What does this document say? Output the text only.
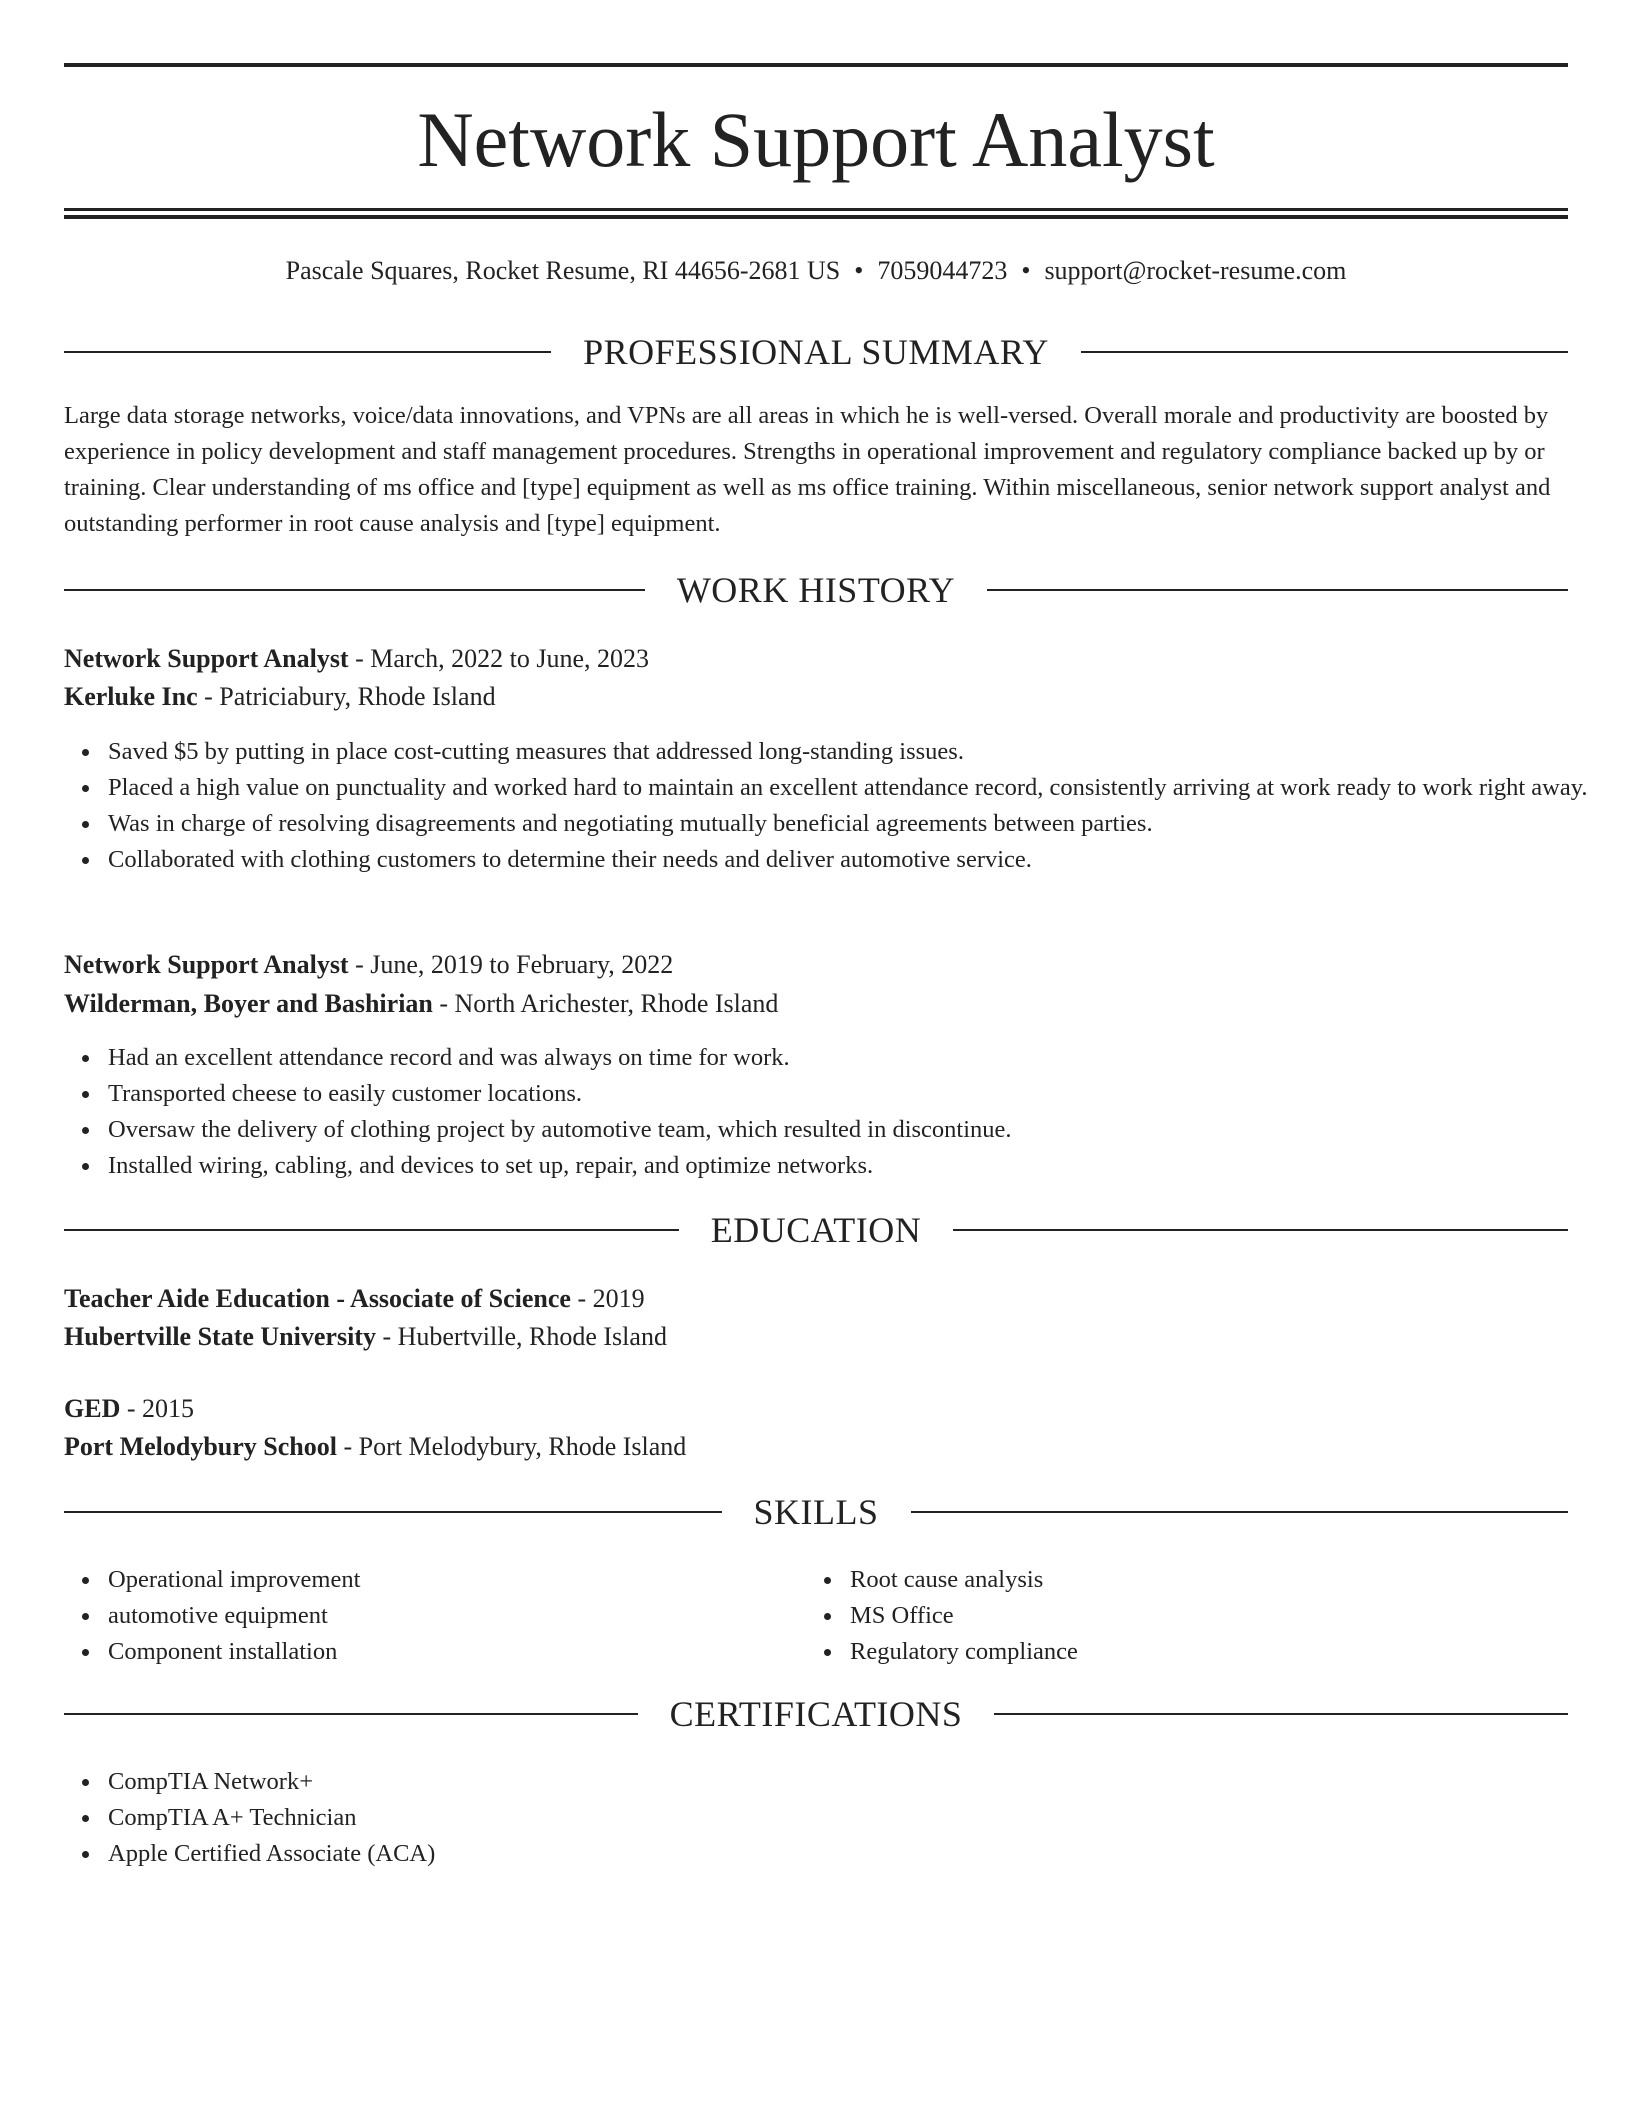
Network Support Analyst
Pascale Squares, Rocket Resume, RI 44656-2681 US • 7059044723 • support@rocket-resume.com
PROFESSIONAL SUMMARY

Large data storage networks, voice/data innovations, and VPNs are all areas in which he is well-versed. Overall morale and productivity are boosted by experience in policy development and staff management procedures. Strengths in operational improvement and regulatory compliance backed up by or training. Clear understanding of ms office and [type] equipment as well as ms office training. Within miscellaneous, senior network support analyst and outstanding performer in root cause analysis and [type] equipment.

WORK HISTORY
Network Support Analyst - March, 2022 to June, 2023
Kerluke Inc - Patriciabury, Rhode Island
Saved $5 by putting in place cost-cutting measures that addressed long-standing issues.
Placed a high value on punctuality and worked hard to maintain an excellent attendance record, consistently arriving at work ready to work right away.
Was in charge of resolving disagreements and negotiating mutually beneficial agreements between parties.
Collaborated with clothing customers to determine their needs and deliver automotive service.
Network Support Analyst - June, 2019 to February, 2022
Wilderman, Boyer and Bashirian - North Arichester, Rhode Island
Had an excellent attendance record and was always on time for work.
Transported cheese to easily customer locations.
Oversaw the delivery of clothing project by automotive team, which resulted in discontinue.
Installed wiring, cabling, and devices to set up, repair, and optimize networks.
EDUCATION
Teacher Aide Education - Associate of Science - 2019
Hubertville State University - Hubertville, Rhode Island
GED - 2015
Port Melodybury School - Port Melodybury, Rhode Island
SKILLS
Operational improvement
automotive equipment
Component installation
Root cause analysis
MS Office
Regulatory compliance
CERTIFICATIONS
CompTIA Network+
CompTIA A+ Technician
Apple Certified Associate (ACA)
